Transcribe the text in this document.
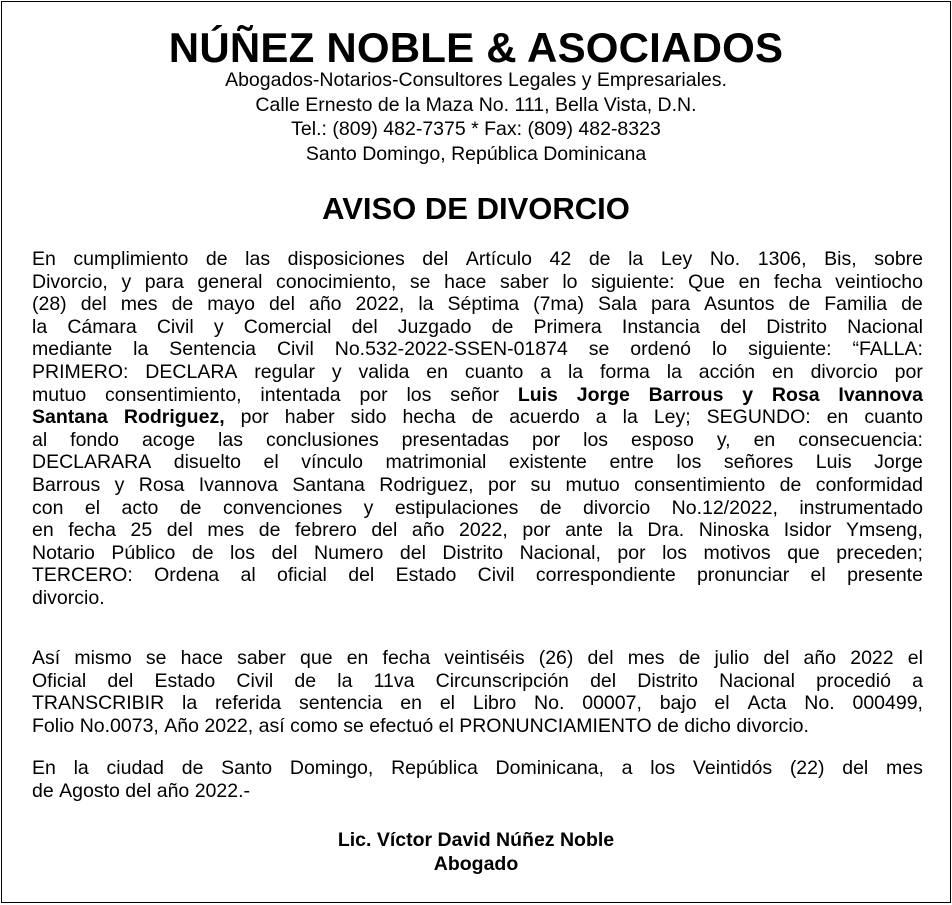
NÚÑEZ NOBLE & ASOCIADOS
Abogados-Notarios-Consultores Legales y Empresariales.
Calle Ernesto de la Maza No. 111, Bella Vista, D.N.
Tel.: (809) 482-7375 * Fax: (809) 482-8323
Santo Domingo, República Dominicana
AVISO DE DIVORCIO
En cumplimiento de las disposiciones del Artículo 42 de la Ley No. 1306, Bis, sobre
Divorcio, y para general conocimiento, se hace saber lo siguiente: Que en fecha veintiocho
(28) del mes de mayo del año 2022, la Séptima (7ma) Sala para Asuntos de Familia de
la Cámara Civil y Comercial del Juzgado de Primera Instancia del Distrito Nacional
mediante la Sentencia Civil No.532-2022-SSEN-01874 se ordenó lo siguiente: “FALLA:
PRIMERO: DECLARA regular y valida en cuanto a la forma la acción en divorcio por
mutuo consentimiento, intentada por los señor Luis Jorge Barrous y Rosa Ivannova
Santana Rodriguez, por haber sido hecha de acuerdo a la Ley; SEGUNDO: en cuanto
al fondo acoge las conclusiones presentadas por los esposo y, en consecuencia:
DECLARARA disuelto el vínculo matrimonial existente entre los señores Luis Jorge
Barrous y Rosa Ivannova Santana Rodriguez, por su mutuo consentimiento de conformidad
con el acto de convenciones y estipulaciones de divorcio No.12/2022, instrumentado
en fecha 25 del mes de febrero del año 2022, por ante la Dra. Ninoska Isidor Ymseng,
Notario Público de los del Numero del Distrito Nacional, por los motivos que preceden;
TERCERO: Ordena al oficial del Estado Civil correspondiente pronunciar el presente
divorcio.
Así mismo se hace saber que en fecha veintiséis (26) del mes de julio del año 2022 el
Oficial del Estado Civil de la 11va Circunscripción del Distrito Nacional procedió a
TRANSCRIBIR la referida sentencia en el Libro No. 00007, bajo el Acta No. 000499,
Folio
No.0073,
Año
2022,
así
como
se
efectuó
el
PRONUNCIAMIENTO
de
dicho
divorcio.
En la ciudad de Santo Domingo, República Dominicana, a los Veintidós (22) del mes
de
Agosto
del
año
2022.-
Lic. Víctor David Núñez Noble
Abogado
